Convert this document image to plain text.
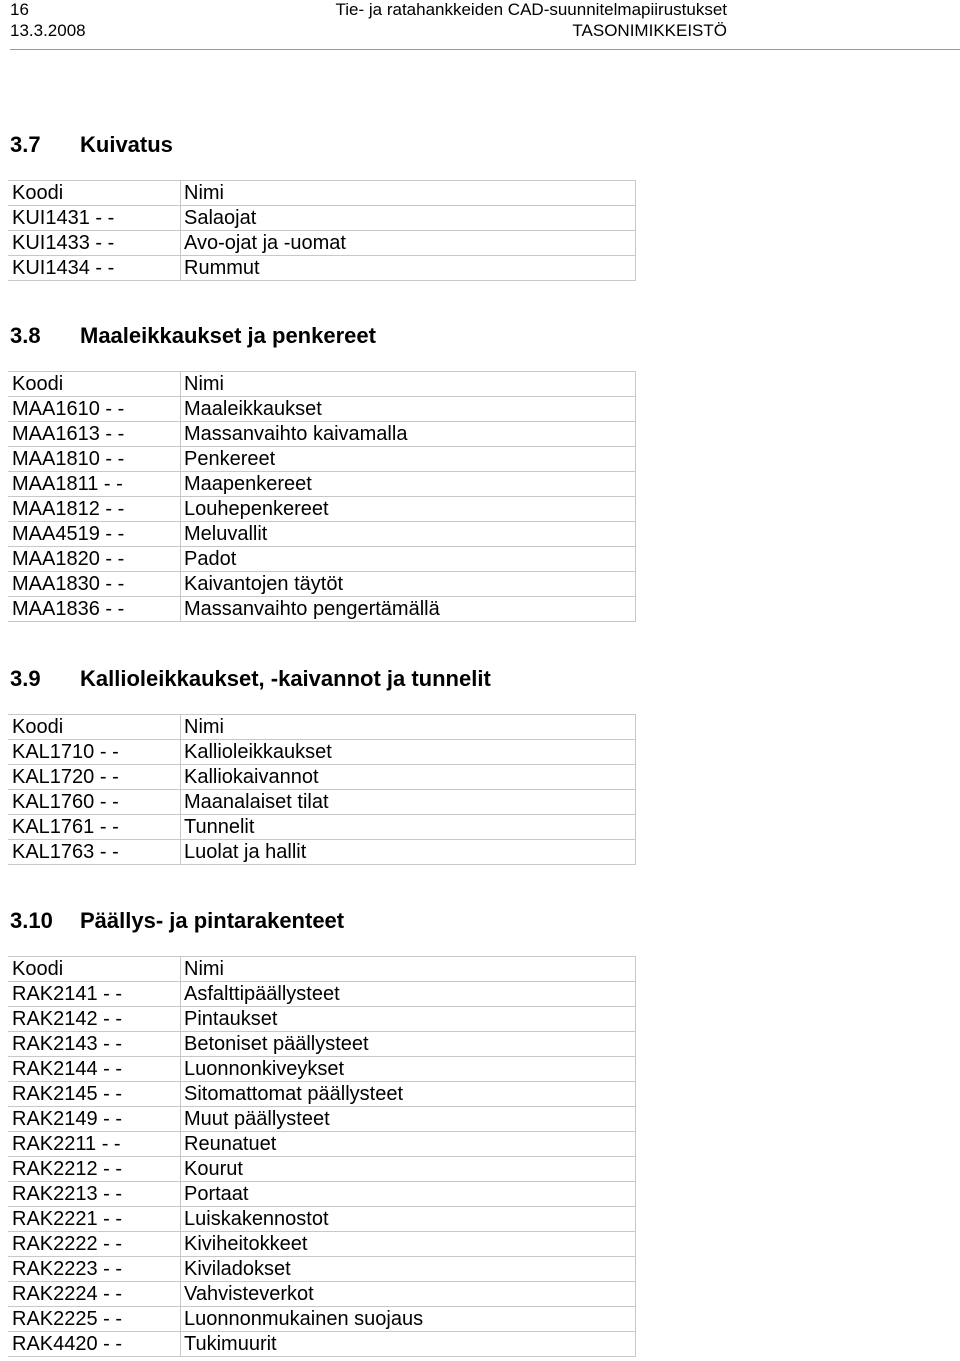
16
13.3.2008
Tie- ja ratahankkeiden CAD-suunnitelmapiirustukset
TASONIMIKKEISTÖ
3.7 Kuivatus
Koodi	Nimi
KUI1431 - -	Salaojat
KUI1433 - -	Avo-ojat ja -uomat
KUI1434 - -	Rummut
3.8 Maaleikkaukset ja penkereet
Koodi	Nimi
MAA1610 - -	Maaleikkaukset
MAA1613 - -	Massanvaihto kaivamalla
MAA1810 - -	Penkereet
MAA1811 - -	Maapenkereet
MAA1812 - -	Louhepenkereet
MAA4519 - -	Meluvallit
MAA1820 - -	Padot
MAA1830 - -	Kaivantojen täytöt
MAA1836 - -	Massanvaihto pengertämällä
3.9 Kallioleikkaukset, -kaivannot ja tunnelit
Koodi	Nimi
KAL1710 - -	Kallioleikkaukset
KAL1720 - -	Kalliokaivannot
KAL1760 - -	Maanalaiset tilat
KAL1761 - -	Tunnelit
KAL1763 - -	Luolat ja hallit
3.10 Päällys- ja pintarakenteet
Koodi	Nimi
RAK2141 - -	Asfalttipäällysteet
RAK2142 - -	Pintaukset
RAK2143 - -	Betoniset päällysteet
RAK2144 - -	Luonnonkiveykset
RAK2145 - -	Sitomattomat päällysteet
RAK2149 - -	Muut päällysteet
RAK2211 - -	Reunatuet
RAK2212 - -	Kourut
RAK2213 - -	Portaat
RAK2221 - -	Luiskakennostot
RAK2222 - -	Kiviheitokkeet
RAK2223 - -	Kiviladokset
RAK2224 - -	Vahvisteverkot
RAK2225 - -	Luonnonmukainen suojaus
RAK4420 - -	Tukimuurit
